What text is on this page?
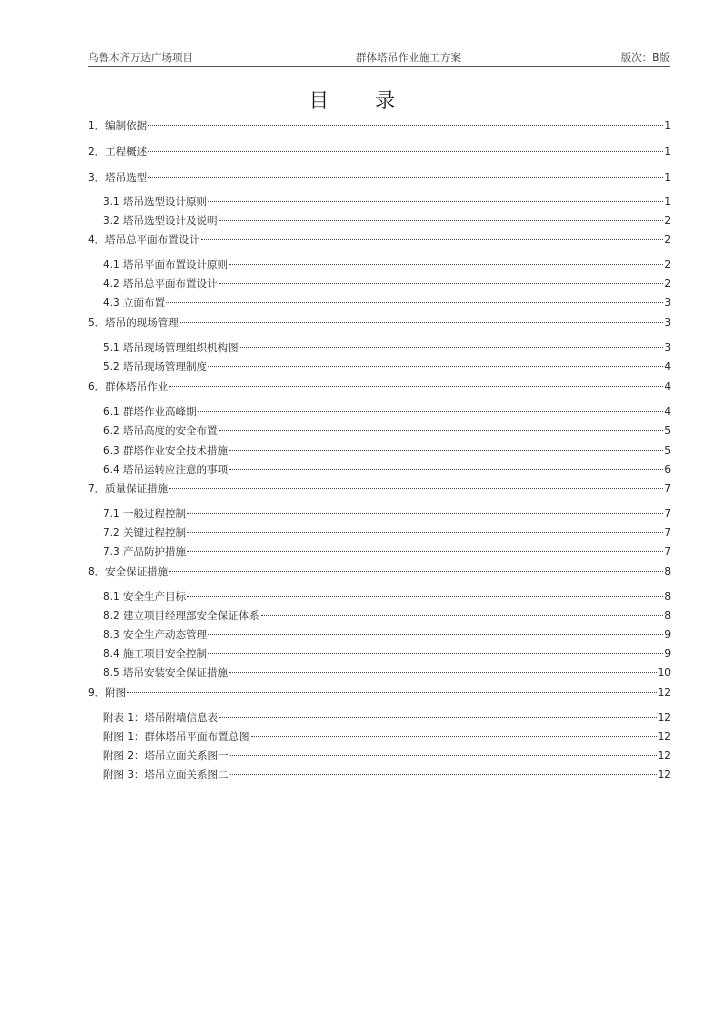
乌鲁木齐万达广场项目	群体塔吊作业施工方案	版次：B版
目 录
1．编制依据	1
2．工程概述	1
3．塔吊选型	1
3.1 塔吊选型设计原则	1
3.2 塔吊选型设计及说明	2
4．塔吊总平面布置设计	2
4.1 塔吊平面布置设计原则	2
4.2 塔吊总平面布置设计	2
4.3 立面布置	3
5．塔吊的现场管理	3
5.1 塔吊现场管理组织机构图	3
5.2 塔吊现场管理制度	4
6．群体塔吊作业	4
6.1 群塔作业高峰期	4
6.2 塔吊高度的安全布置	5
6.3 群塔作业安全技术措施	5
6.4 塔吊运转应注意的事项	6
7．质量保证措施	7
7.1 一般过程控制	7
7.2 关键过程控制	7
7.3 产品防护措施	7
8．安全保证措施	8
8.1 安全生产目标	8
8.2 建立项目经理部安全保证体系	8
8.3 安全生产动态管理	9
8.4 施工项目安全控制	9
8.5 塔吊安装安全保证措施	10
9．附图	12
附表 1：塔吊附墙信息表	12
附图 1：群体塔吊平面布置总图	12
附图 2：塔吊立面关系图一	12
附图 3：塔吊立面关系图二	12
